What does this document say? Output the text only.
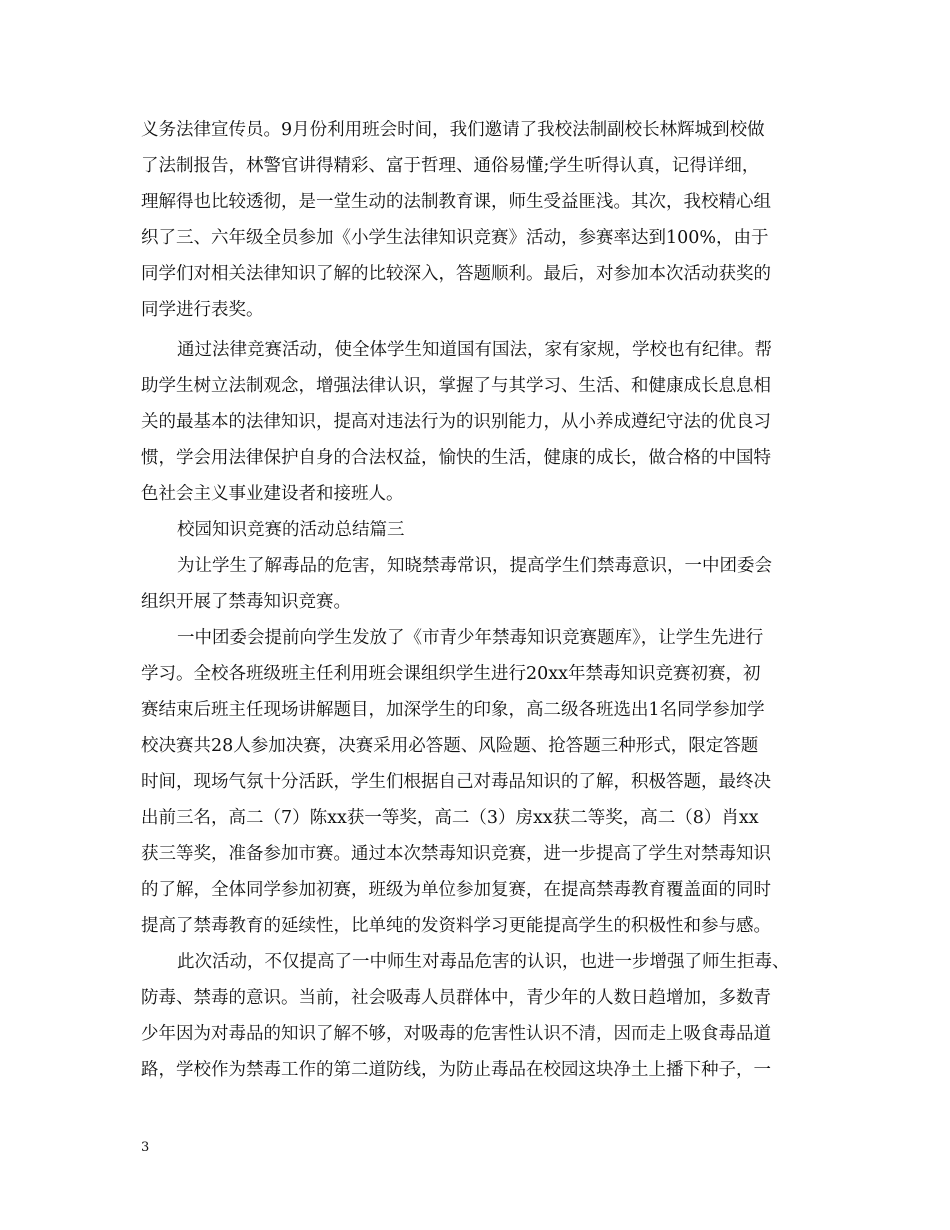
义务法律宣传员。9月份利用班会时间，我们邀请了我校法制副校长林辉城到校做
了法制报告，林警官讲得精彩、富于哲理、通俗易懂;学生听得认真，记得详细，
理解得也比较透彻，是一堂生动的法制教育课，师生受益匪浅。其次，我校精心组
织了三、六年级全员参加《小学生法律知识竞赛》活动，参赛率达到100%，由于
同学们对相关法律知识了解的比较深入，答题顺利。最后，对参加本次活动获奖的
同学进行表奖。
通过法律竞赛活动，使全体学生知道国有国法，家有家规，学校也有纪律。帮
助学生树立法制观念，增强法律认识，掌握了与其学习、生活、和健康成长息息相
关的最基本的法律知识，提高对违法行为的识别能力，从小养成遵纪守法的优良习
惯，学会用法律保护自身的合法权益，愉快的生活，健康的成长，做合格的中国特
色社会主义事业建设者和接班人。
校园知识竞赛的活动总结篇三
为让学生了解毒品的危害，知晓禁毒常识，提高学生们禁毒意识，一中团委会
组织开展了禁毒知识竞赛。
一中团委会提前向学生发放了《市青少年禁毒知识竞赛题库》，让学生先进行
学习。全校各班级班主任利用班会课组织学生进行20xx年禁毒知识竞赛初赛，初
赛结束后班主任现场讲解题目，加深学生的印象，高二级各班选出1名同学参加学
校决赛共28人参加决赛，决赛采用必答题、风险题、抢答题三种形式，限定答题
时间，现场气氛十分活跃，学生们根据自己对毒品知识的了解，积极答题，最终决
出前三名，高二（7）陈xx获一等奖，高二（3）房xx获二等奖，高二（8）肖xx
获三等奖，准备参加市赛。通过本次禁毒知识竞赛，进一步提高了学生对禁毒知识
的了解，全体同学参加初赛，班级为单位参加复赛，在提高禁毒教育覆盖面的同时
提高了禁毒教育的延续性，比单纯的发资料学习更能提高学生的积极性和参与感。
此次活动，不仅提高了一中师生对毒品危害的认识，也进一步增强了师生拒毒、
防毒、禁毒的意识。当前，社会吸毒人员群体中，青少年的人数日趋增加，多数青
少年因为对毒品的知识了解不够，对吸毒的危害性认识不清，因而走上吸食毒品道
路，学校作为禁毒工作的第二道防线，为防止毒品在校园这块净土上播下种子，一
3
